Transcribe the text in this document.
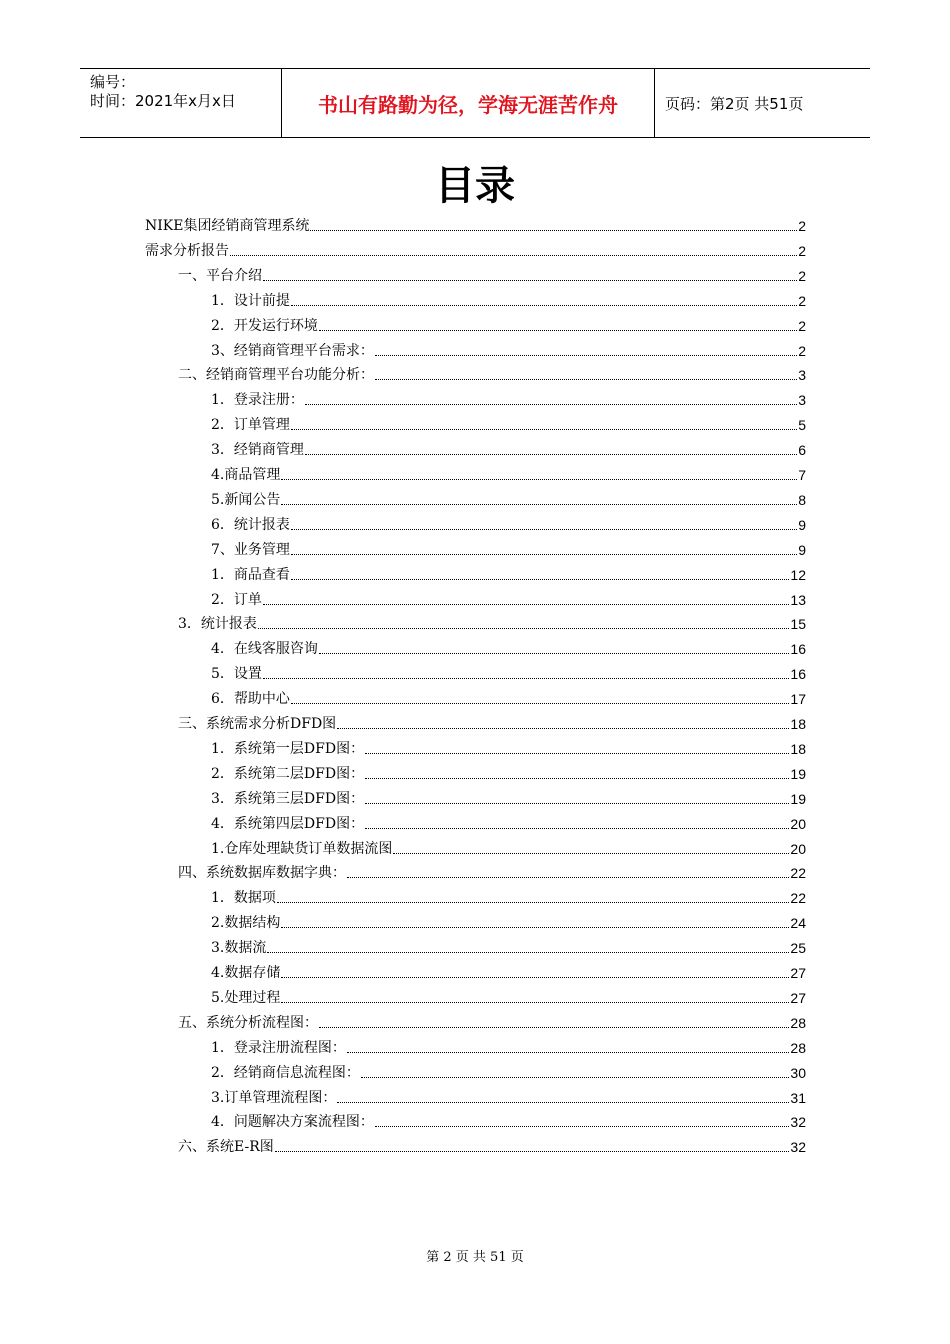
编号：
时间：2021年x月x日	书山有路勤为径，学海无涯苦作舟	页码：第2页 共51页
目录
NIKE集团经销商管理系统	2
需求分析报告	2
一、平台介绍	2
1．设计前提	2
2．开发运行环境	2
3、经销商管理平台需求：	2
二、经销商管理平台功能分析：	3
1．登录注册：	3
2．订单管理	5
3．经销商管理	6
4.商品管理	7
5.新闻公告	8
6．统计报表	9
7、业务管理	9
1．商品查看	12
2．订单	13
3．统计报表	15
4．在线客服咨询	16
5．设置	16
6．帮助中心	17
三、系统需求分析DFD图	18
1．系统第一层DFD图：	18
2．系统第二层DFD图：	19
3．系统第三层DFD图：	19
4．系统第四层DFD图：	20
1.仓库处理缺货订单数据流图	20
四、系统数据库数据字典：	22
1．数据项	22
2.数据结构	24
3.数据流	25
4.数据存储	27
5.处理过程	27
五、系统分析流程图：	28
1．登录注册流程图：	28
2．经销商信息流程图：	30
3.订单管理流程图：	31
4．问题解决方案流程图：	32
六、系统E-R图	32
第 2 页 共 51 页
